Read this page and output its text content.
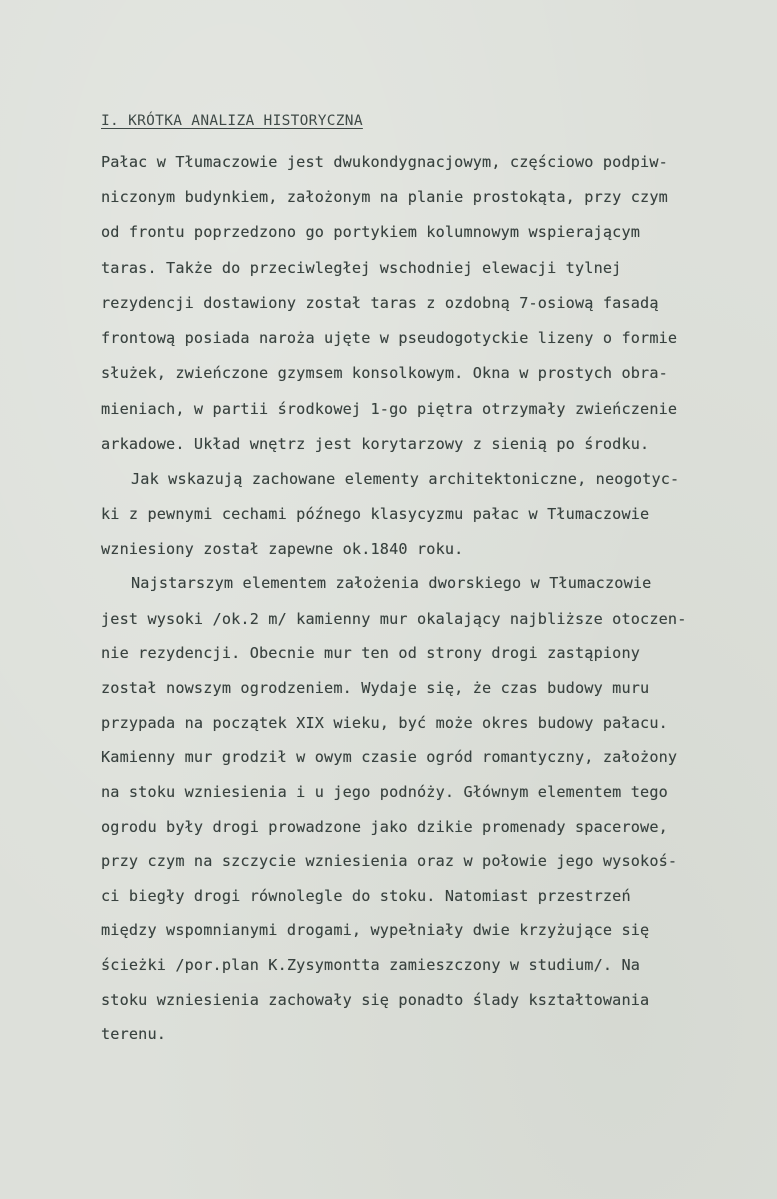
I. KRÓTKA ANALIZA HISTORYCZNA
Pałac w Tłumaczowie jest dwukondygnacjowym, częściowo podpiw-
niczonym budynkiem, założonym na planie prostokąta, przy czym
od frontu poprzedzono go portykiem kolumnowym wspierającym
taras. Także do przeciwległej wschodniej elewacji tylnej
rezydencji dostawiony został taras z ozdobną 7-osiową fasadą
frontową posiada naroża ujęte w pseudogotyckie lizeny o formie
służek, zwieńczone gzymsem konsolkowym. Okna w prostych obra-
mieniach, w partii środkowej 1-go piętra otrzymały zwieńczenie
arkadowe. Układ wnętrz jest korytarzowy z sienią po środku.
Jak wskazują zachowane elementy architektoniczne, neogotyc-
ki z pewnymi cechami późnego klasycyzmu pałac w Tłumaczowie
wzniesiony został zapewne ok.1840 roku.
Najstarszym elementem założenia dworskiego w Tłumaczowie
jest wysoki /ok.2 m/ kamienny mur okalający najbliższe otoczen-
nie rezydencji. Obecnie mur ten od strony drogi zastąpiony
został nowszym ogrodzeniem. Wydaje się, że czas budowy muru
przypada na początek XIX wieku, być może okres budowy pałacu.
Kamienny mur grodził w owym czasie ogród romantyczny, założony
na stoku wzniesienia i u jego podnóży. Głównym elementem tego
ogrodu były drogi prowadzone jako dzikie promenady spacerowe,
przy czym na szczycie wzniesienia oraz w połowie jego wysokoś-
ci biegły drogi równolegle do stoku. Natomiast przestrzeń
między wspomnianymi drogami, wypełniały dwie krzyżujące się
ścieżki /por.plan K.Zysymontta zamieszczony w studium/. Na
stoku wzniesienia zachowały się ponadto ślady kształtowania
terenu.
